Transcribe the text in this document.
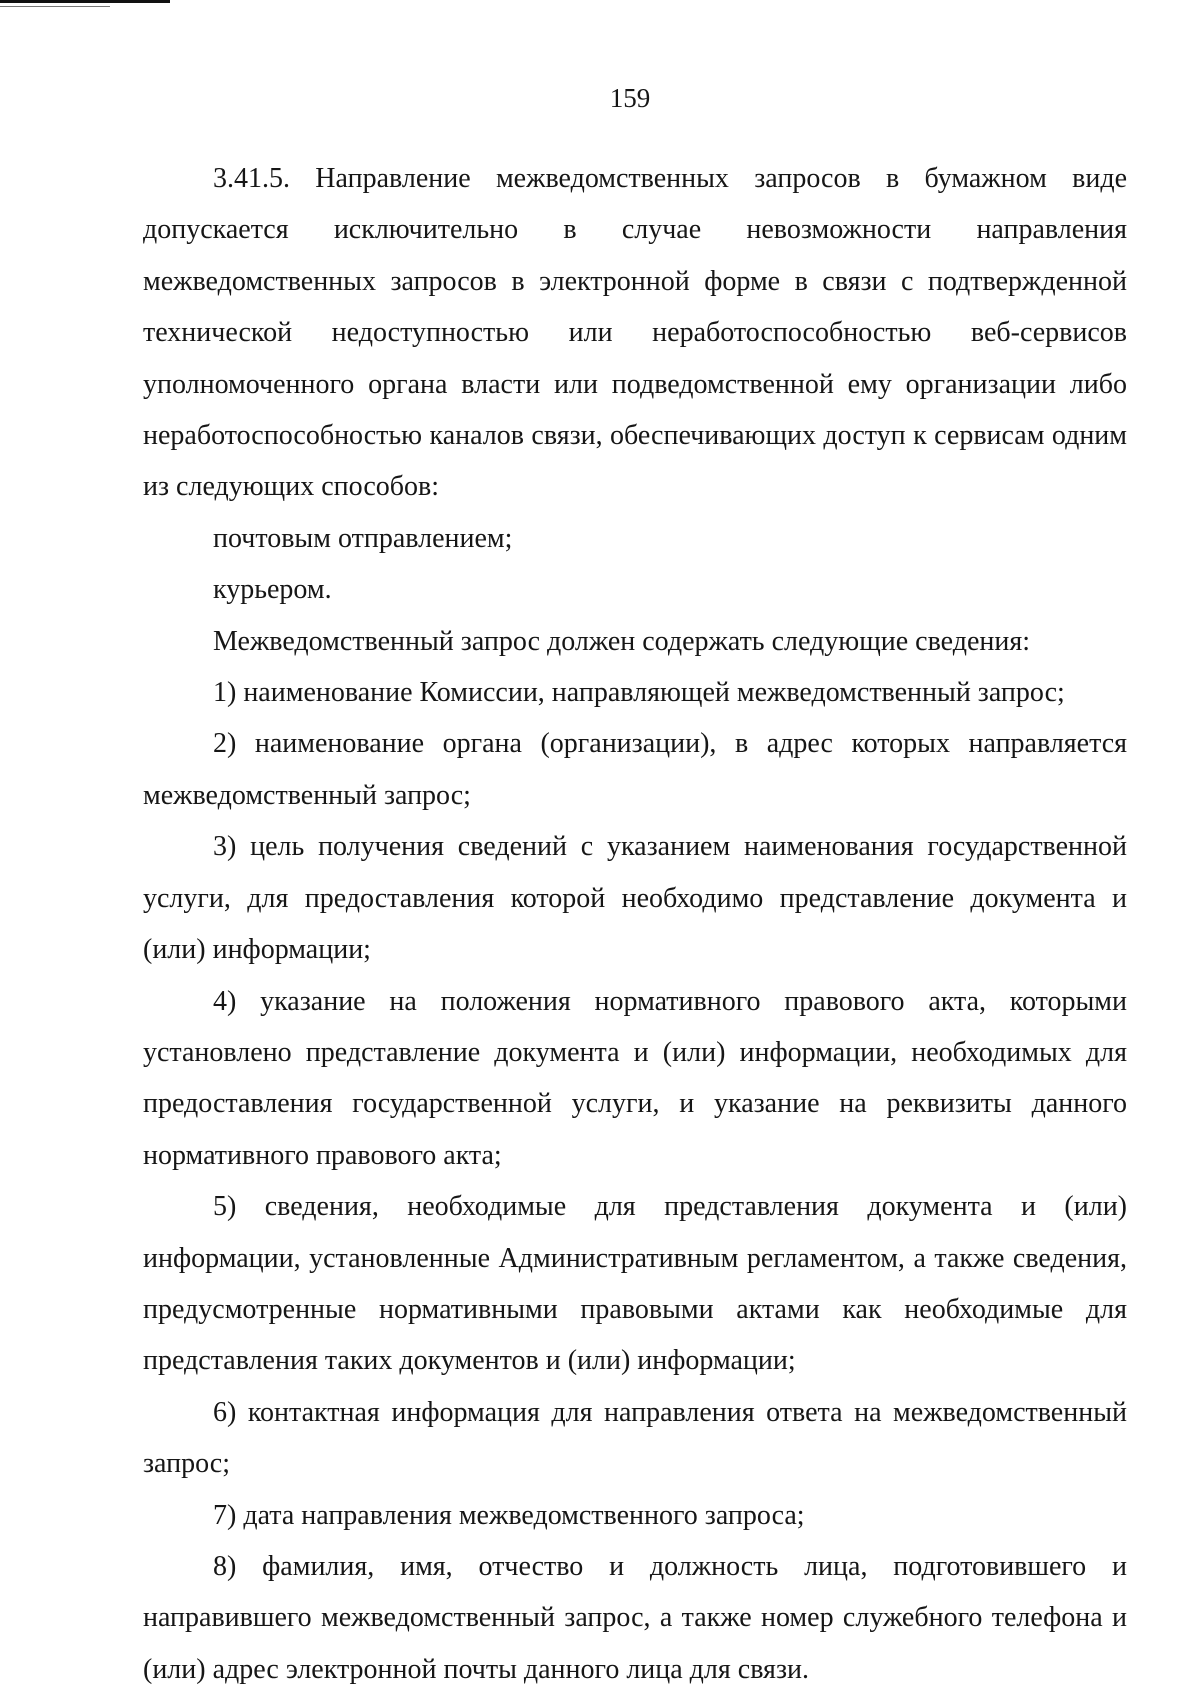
159

3.41.5. Направление межведомственных запросов в бумажном виде допускается исключительно в случае невозможности направления межведомственных запросов в электронной форме в связи с подтвержденной технической недоступностью или неработоспособностью веб-сервисов уполномоченного органа власти или подведомственной ему организации либо неработоспособностью каналов связи, обеспечивающих доступ к сервисам одним из следующих способов:

почтовым отправлением;

курьером.

Межведомственный запрос должен содержать следующие сведения:

1) наименование Комиссии, направляющей межведомственный запрос;

2) наименование органа (организации), в адрес которых направляется межведомственный запрос;

3) цель получения сведений с указанием наименования государственной услуги, для предоставления которой необходимо представление документа и (или) информации;

4) указание на положения нормативного правового акта, которыми установлено представление документа и (или) информации, необходимых для предоставления государственной услуги, и указание на реквизиты данного нормативного правового акта;

5) сведения, необходимые для представления документа и (или) информации, установленные Административным регламентом, а также сведения, предусмотренные нормативными правовыми актами как необходимые для представления таких документов и (или) информации;

6) контактная информация для направления ответа на межведомственный запрос;

7) дата направления межведомственного запроса;

8) фамилия, имя, отчество и должность лица, подготовившего и направившего межведомственный запрос, а также номер служебного телефона и (или) адрес электронной почты данного лица для связи.
